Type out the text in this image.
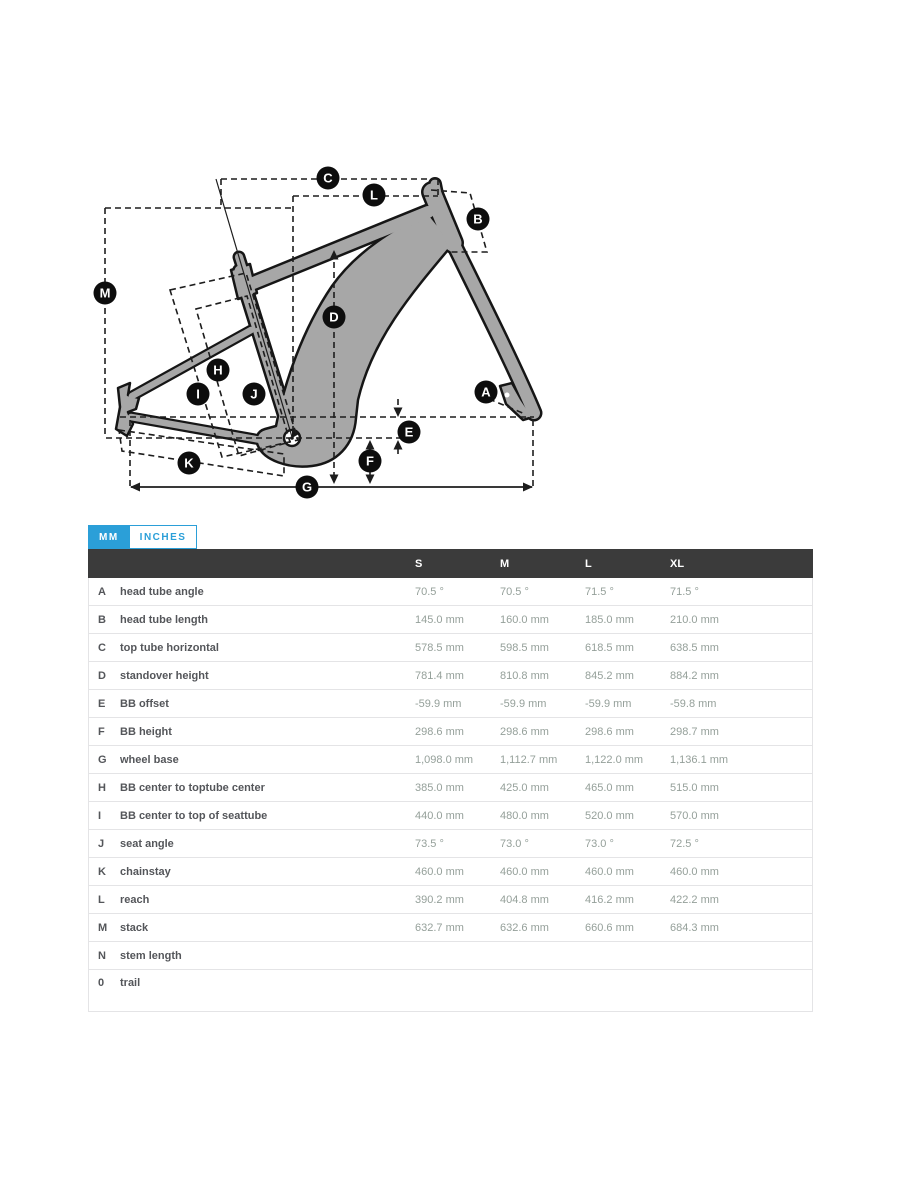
A
B
C
D
E
F
G
H
I	J
K
L
M
MM	INCHES
S	M	L	XL
A	head tube angle	70.5 °	70.5 °	71.5 °	71.5 °
B	head tube length	145.0 mm	160.0 mm	185.0 mm	210.0 mm
C	top tube horizontal	578.5 mm	598.5 mm	618.5 mm	638.5 mm
D	standover height	781.4 mm	810.8 mm	845.2 mm	884.2 mm
E	BB offset	-59.9 mm	-59.9 mm	-59.9 mm	-59.8 mm
F	BB height	298.6 mm	298.6 mm	298.6 mm	298.7 mm
G	wheel base	1,098.0 mm	1,112.7 mm	1,122.0 mm	1,136.1 mm
H	BB center to toptube center	385.0 mm	425.0 mm	465.0 mm	515.0 mm
I	BB center to top of seattube	440.0 mm	480.0 mm	520.0 mm	570.0 mm
J	seat angle	73.5 °	73.0 °	73.0 °	72.5 °
K	chainstay	460.0 mm	460.0 mm	460.0 mm	460.0 mm
L	reach	390.2 mm	404.8 mm	416.2 mm	422.2 mm
M	stack	632.7 mm	632.6 mm	660.6 mm	684.3 mm
N	stem length
0	trail
